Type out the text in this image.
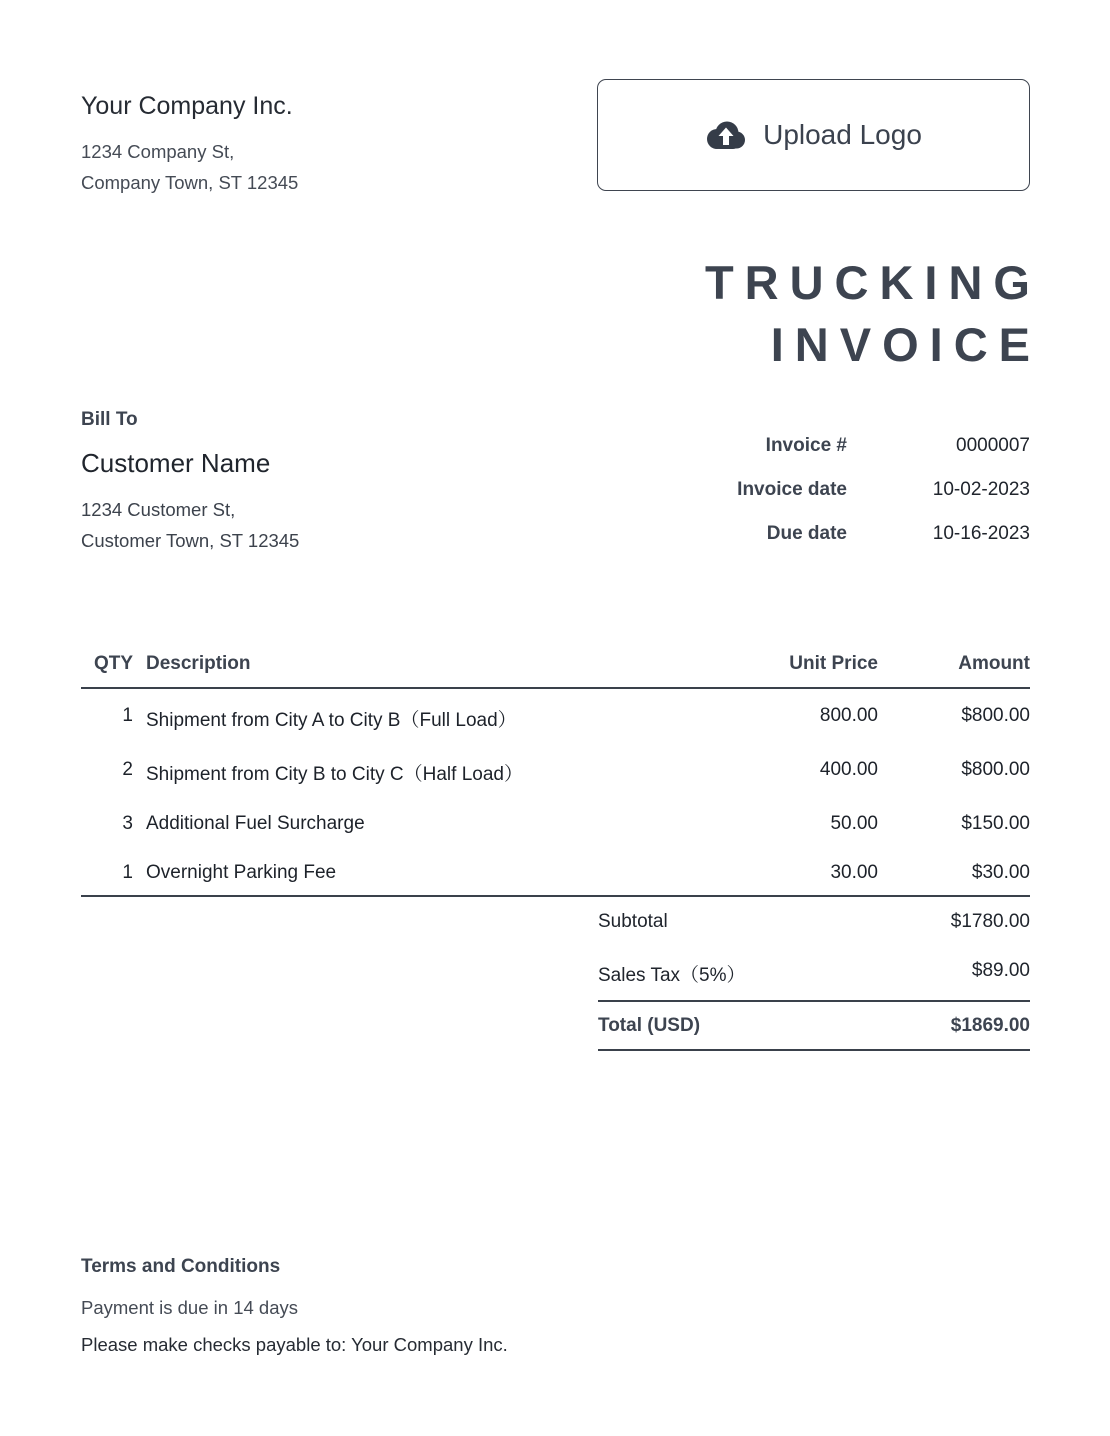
Your Company Inc.
1234 Company St,
Company Town, ST 12345
Upload Logo
TRUCKING
INVOICE
Bill To
Customer Name
1234 Customer St,
Customer Town, ST 12345
Invoice #	0000007
Invoice date	10-02-2023
Due date	10-16-2023
QTY Description	Unit Price	Amount
1 Shipment from City A to City B（Full Load）	800.00	$800.00
2 Shipment from City B to City C（Half Load）	400.00	$800.00
3 Additional Fuel Surcharge	50.00	$150.00
1 Overnight Parking Fee	30.00	$30.00
Subtotal	$1780.00
Sales Tax（5%）	$89.00
Total (USD)	$1869.00
Terms and Conditions
Payment is due in 14 days
Please make checks payable to: Your Company Inc.
